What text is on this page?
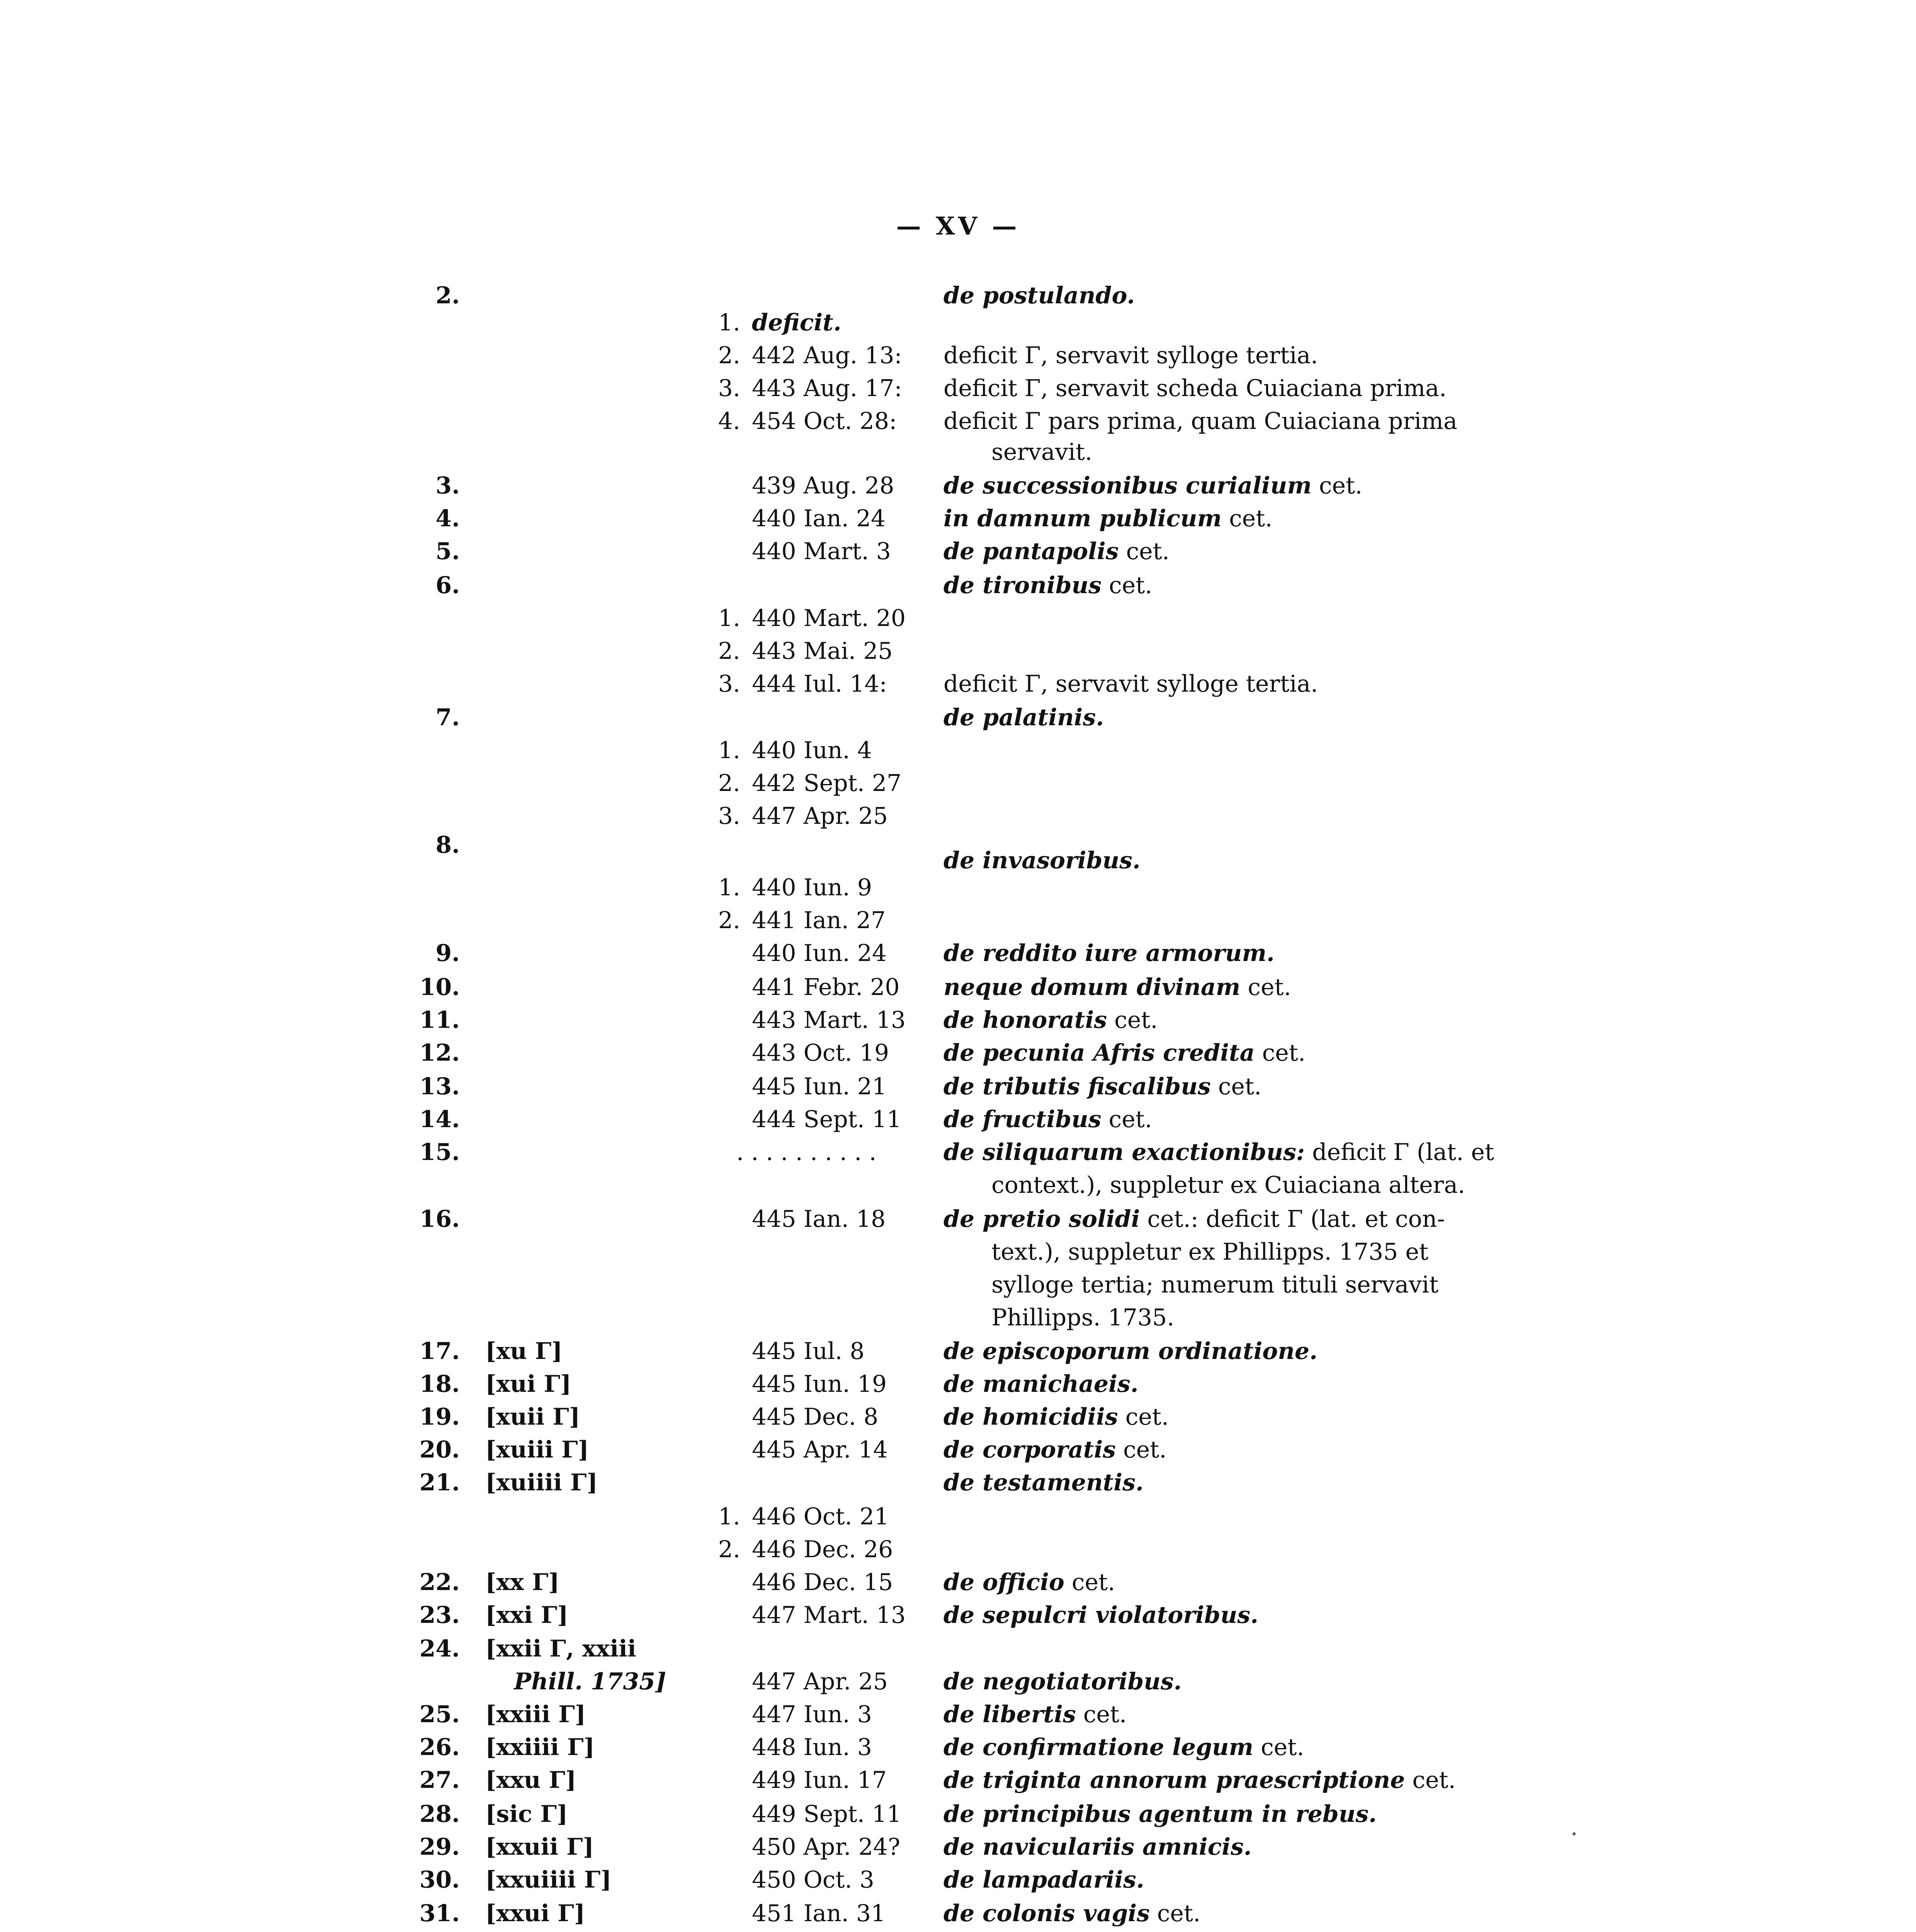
— XV —
2.	de postulando.
1. deficit.
2. 442 Aug. 13: deficit Γ, servavit sylloge tertia.
3. 443 Aug. 17: deficit Γ, servavit scheda Cuiaciana prima.
4. 454 Oct. 28: deficit Γ pars prima, quam Cuiaciana prima
servavit.
3.	439 Aug. 28 de successionibus curialium cet.
4.	440 Ian. 24 in damnum publicum cet.
5.	440 Mart. 3 de pantapolis cet.
6.	de tironibus cet.
1. 440 Mart. 20
2. 443 Mai. 25
3. 444 Iul. 14: deficit Γ, servavit sylloge tertia.
7.	de palatinis.
1. 440 Iun. 4
2. 442 Sept. 27
3. 447 Apr. 25
8.
de invasoribus.
1. 440 Iun. 9
2. 441 Ian. 27
9.	440 Iun. 24 de reddito iure armorum.
10.	441 Febr. 20 neque domum divinam cet.
11.	443 Mart. 13 de honoratis cet.
12.	443 Oct. 19 de pecunia Afris credita cet.
13.	445 Iun. 21 de tributis fiscalibus cet.
14.	444 Sept. 11 de fructibus cet.
15.	. . . . . . . . . .	de siliquarum exactionibus: deficit Γ (lat. et
context.), suppletur ex Cuiaciana altera.
16.	445 Ian. 18 de pretio solidi cet.: deficit Γ (lat. et con-
text.), suppletur ex Phillipps. 1735 et
sylloge tertia; numerum tituli servavit
Phillipps. 1735.
17. [xu Γ]	445 Iul. 8	de episcoporum ordinatione.
18. [xui Γ]	445 Iun. 19 de manichaeis.
19. [xuii Γ]	445 Dec. 8	de homicidiis cet.
20. [xuiii Γ]	445 Apr. 14 de corporatis cet.
21. [xuiiii Γ]	de testamentis.
1. 446 Oct. 21
2. 446 Dec. 26
22. [xx Γ]	446 Dec. 15 de officio cet.
23. [xxi Γ]	447 Mart. 13 de sepulcri violatoribus.
24. [xxii Γ, xxiii
Phill. 1735]	447 Apr. 25 de negotiatoribus.
25. [xxiii Γ]	447 Iun. 3	de libertis cet.
26. [xxiiii Γ]	448 Iun. 3	de confirmatione legum cet.
27. [xxu Γ]	449 Iun. 17 de triginta annorum praescriptione cet.
28. [sic Γ]	449 Sept. 11 de principibus agentum in rebus.
29. [xxuii Γ]	450 Apr. 24? de naviculariis amnicis.
30. [xxuiiii Γ]	450 Oct. 3	de lampadariis.
31. [xxui Γ]	451 Ian. 31 de colonis vagis cet.
